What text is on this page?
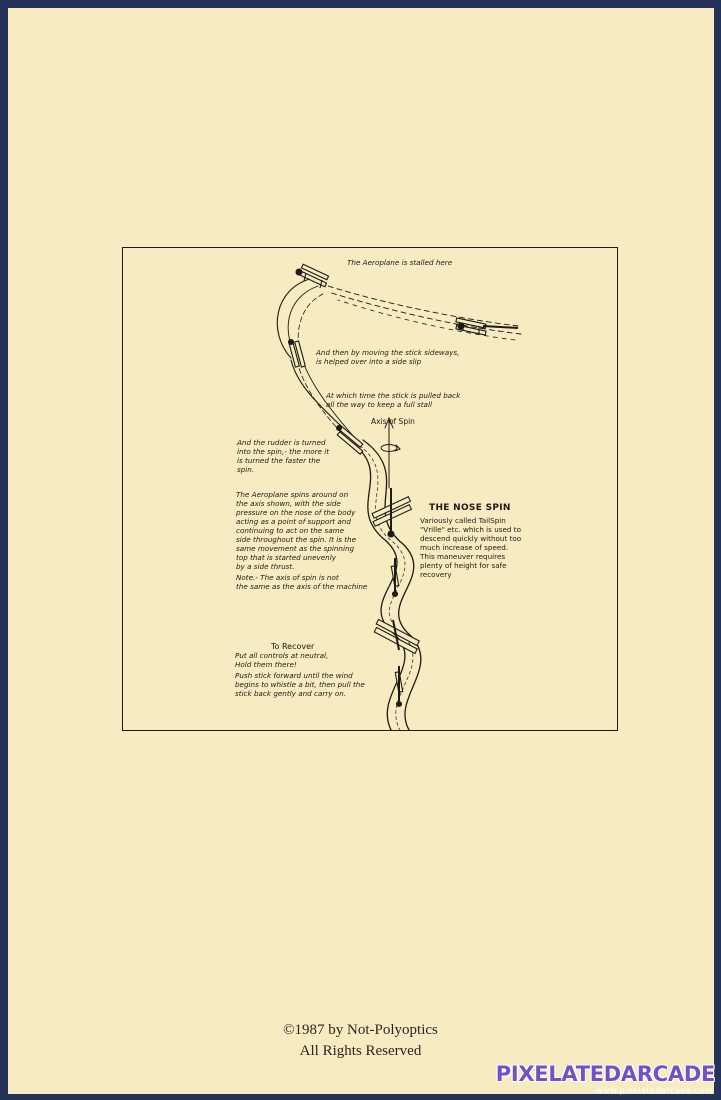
The Aeroplane is stalled here
And then by moving the stick sideways,
is helped over into a side slip
At which time the stick is pulled back
all the way to keep a full stall
Axis of Spin
And the rudder is turned
into the spin,- the more it
is turned the faster the
spin.
The Aeroplane spins around on
the axis shown, with the side
pressure on the nose of the body
acting as a point of support and
continuing to act on the same
side throughout the spin. It is the
same movement as the spinning
top that is started unevenly
by a side thrust.
Note.- The axis of spin is not
the same as the axis of the machine
THE NOSE SPIN
Variously called TailSpin
"Vrille" etc. which is used to
descend quickly without too
much increase of speed.
This maneuver requires
plenty of height for safe
recovery
To Recover
Put all controls at neutral,
Hold them there!
Push stick forward until the wind
begins to whistle a bit, then pull the
stick back gently and carry on.
©1987 by Not-Polyoptics
All Rights Reserved
PIXELATEDARCADE
www.pixelatedarcade.com
